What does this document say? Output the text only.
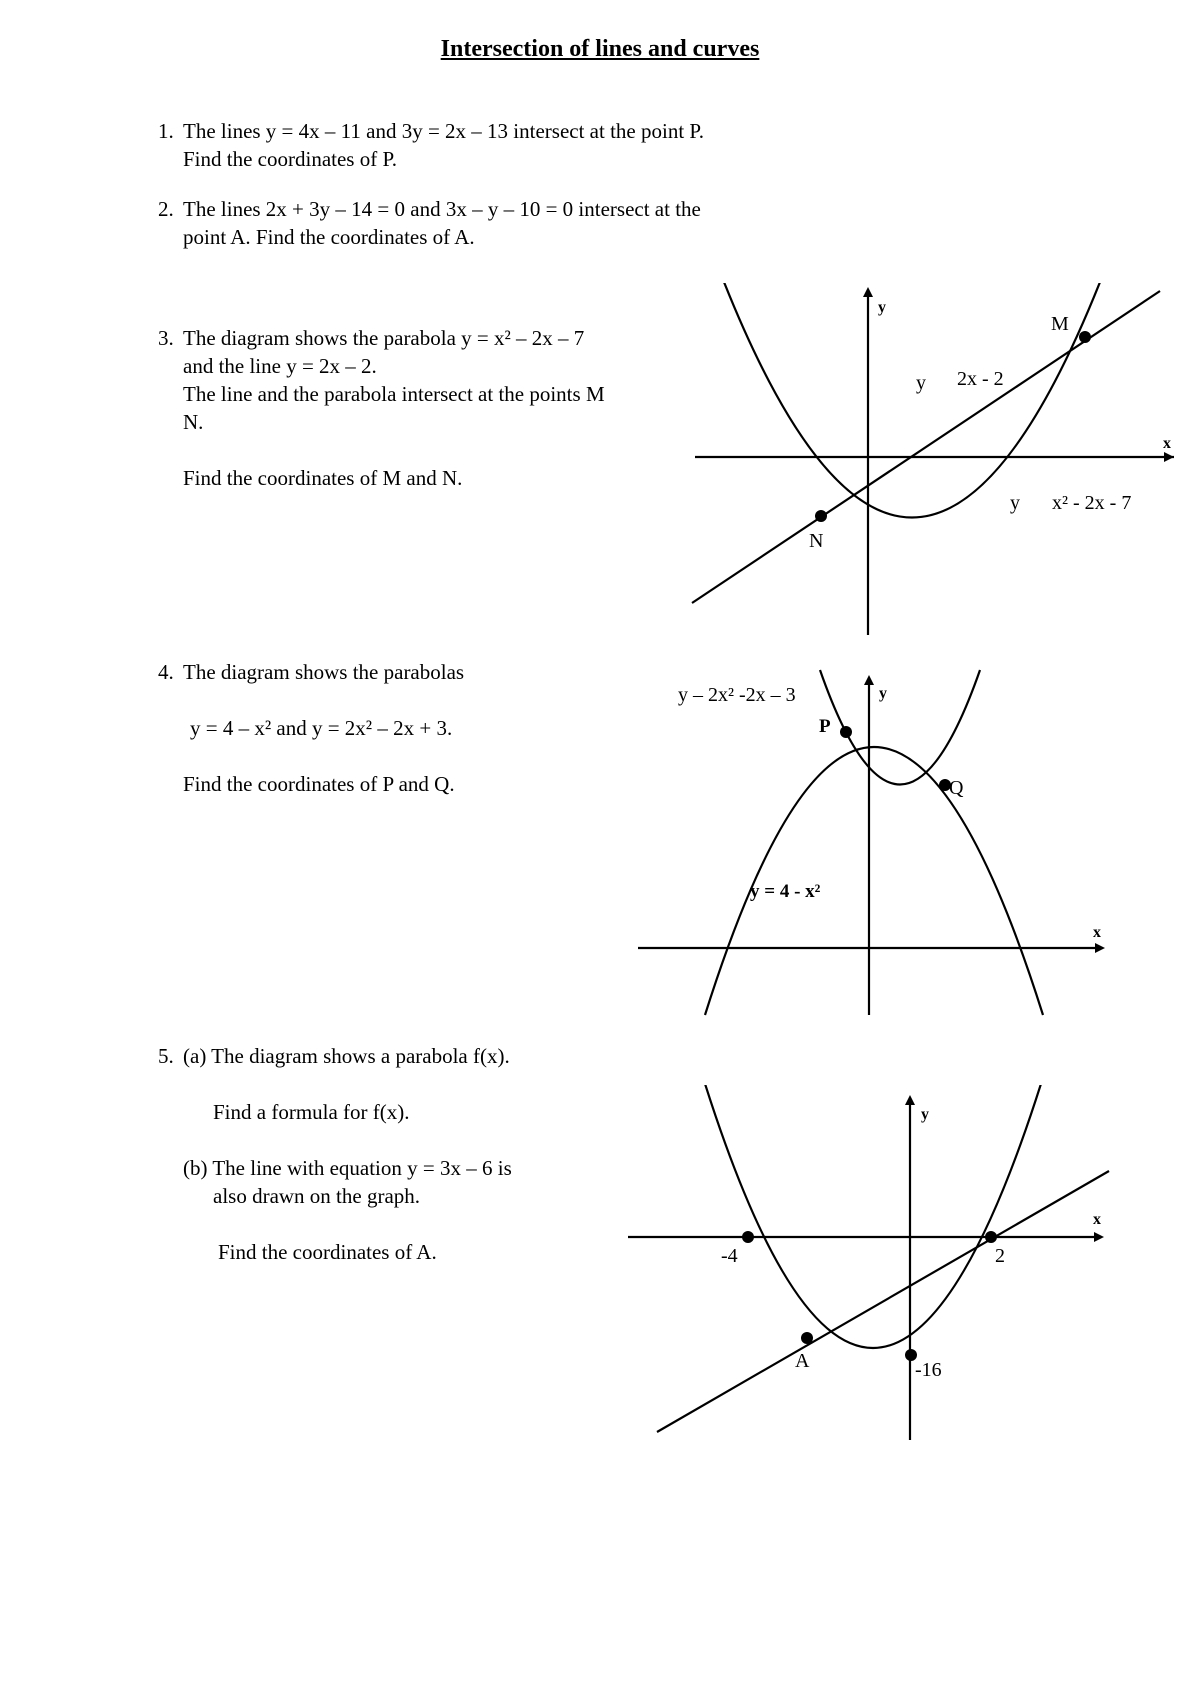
Intersection of lines and curves
1. The lines y = 4x – 11 and 3y = 2x – 13 intersect at the point P.
Find the coordinates of P.
2. The lines 2x + 3y – 14 = 0 and 3x – y – 10 = 0 intersect at the
point A. Find the coordinates of A.
3. The diagram shows the parabola y = x² – 2x – 7
and the line y = 2x – 2.
The line and the parabola intersect at the points M
N.
Find the coordinates of M and N.
4. The diagram shows the parabolas
y = 4 – x² and y = 2x² – 2x + 3.
Find the coordinates of P and Q.
5. (a) The diagram shows a parabola f(x).
Find a formula for f(x).
(b) The line with equation y = 3x – 6 is
also drawn on the graph.
Find the coordinates of A.
y
x
M
N
y 2x - 2
y x² - 2x - 7
y
x
P
Q
y – 2x² -2x – 3
y = 4 - x²
y
x
-4	2
-16
A
